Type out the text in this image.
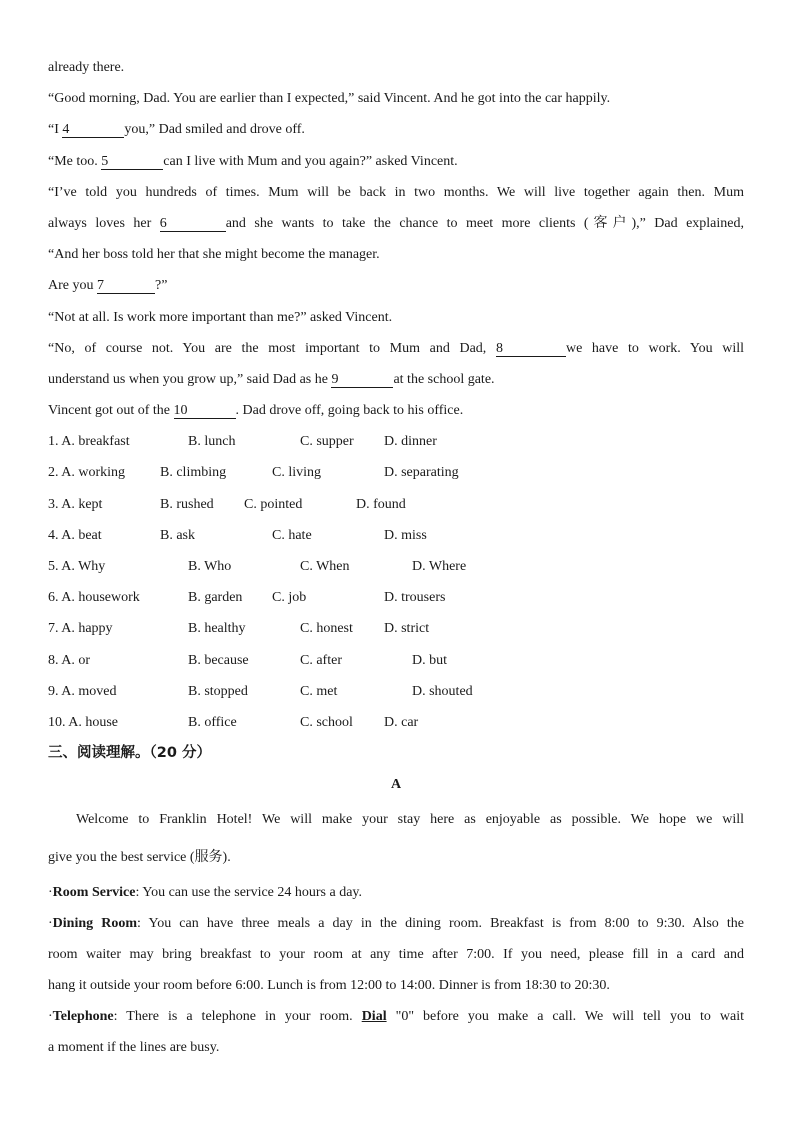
already there.
“Good morning, Dad. You are earlier than I expected,” said Vincent. And he got into the car happily.
“I 4	you,” Dad smiled and drove off.
“Me too. 5	can I live with Mum and you again?” asked Vincent.
“I’ve told you hundreds of times. Mum will be back in two months. We will live together again then. Mum
always loves her 6	and she wants to take the chance to meet more clients (客户),” Dad explained,
“And her boss told her that she might become the manager.
Are you 7	?”
“Not at all. Is work more important than me?” asked Vincent.
“No, of course not. You are the most important to Mum and Dad, 8	we have to work. You will
understand us when you grow up,” said Dad as he 9	at the school gate.
Vincent got out of the 10	. Dad drove off, going back to his office.
1. A. breakfast	B. lunch	C. supper D. dinner
2. A. working	B. climbing	C. living	D. separating
3. A. kept	B. rushed C. pointed	D. found
4. A. beat	B. ask	C. hate	D. miss
5. A. Why	B. Who	C. When	D. Where
6. A. housework	B. garden C. job	D. trousers
7. A. happy	B. healthy	C. honest D. strict
8. A. or	B. because	C. after	D. but
9. A. moved	B. stopped	C. met	D. shouted
10. A. house	B. office	C. school D. car
三、阅读理解。（20 分）
A
Welcome to Franklin Hotel! We will make your stay here as enjoyable as possible. We hope we will
give you the best service (服务).
·Room Service: You can use the service 24 hours a day.
·Dining Room: You can have three meals a day in the dining room. Breakfast is from 8:00 to 9:30. Also the
room waiter may bring breakfast to your room at any time after 7:00. If you need, please fill in a card and
hang it outside your room before 6:00. Lunch is from 12:00 to 14:00. Dinner is from 18:30 to 20:30.
·Telephone: There is a telephone in your room. Dial "0" before you make a call. We will tell you to wait
a moment if the lines are busy.
